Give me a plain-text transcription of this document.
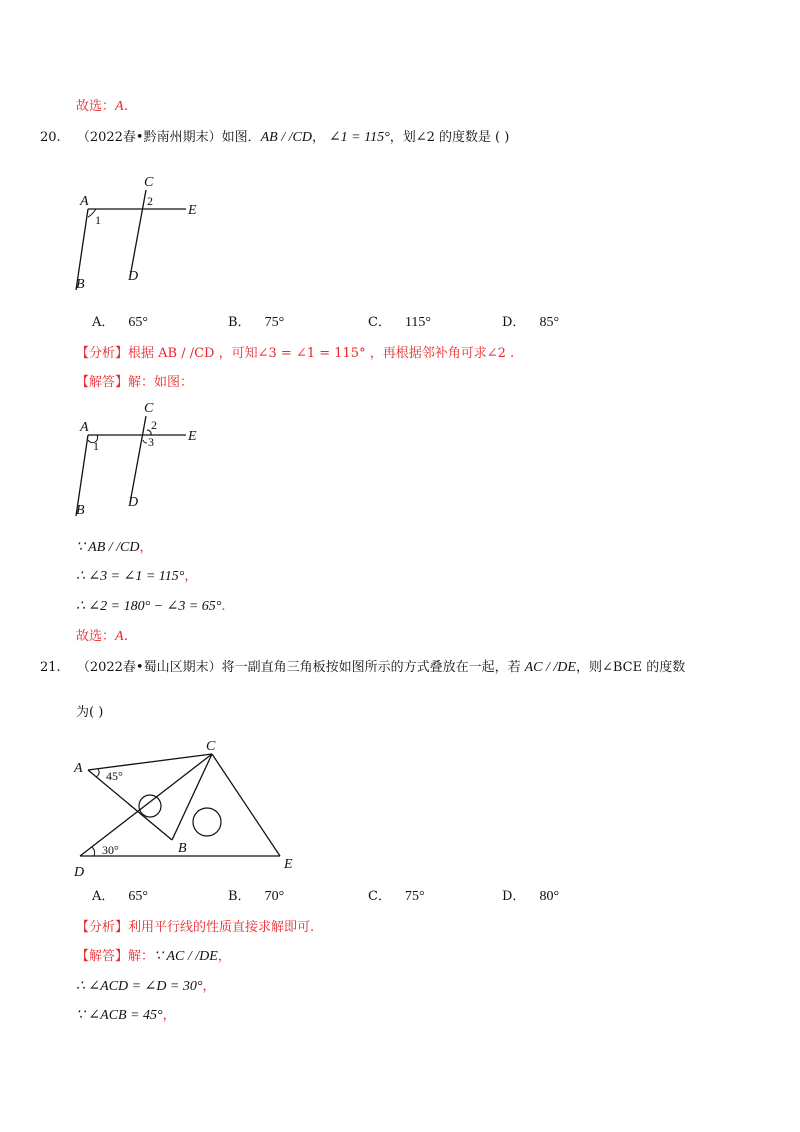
故选：A．
20. （2022春•黔南州期末）如图．AB / /CD， ∠1 = 115°，划∠2 的度数是 ( )
A
B
C
D
E
1
2
A． 65°	B． 75°	C． 115°	D． 85°
【分析】根据 AB / /CD ，可知∠3 = ∠1 = 115° ，再根据邻补角可求∠2 .
【解答】解：如图：
A
B
C
D
E
1
2
3
∵ AB / /CD，
∴ ∠3 = ∠1 = 115°，
∴ ∠2 = 180° − ∠3 = 65°.
故选：A．
21. （2022春•蜀山区期末）将一副直角三角板按如图所示的方式叠放在一起，若 AC / /DE，则∠BCE 的度数
为( )
A
B
C
D
E
45°
30°
A． 65°	B． 70°	C． 75°	D． 80°
【分析】利用平行线的性质直接求解即可.
【解答】解：∵ AC / /DE，
∴ ∠ACD = ∠D = 30°，
∵ ∠ACB = 45°，
